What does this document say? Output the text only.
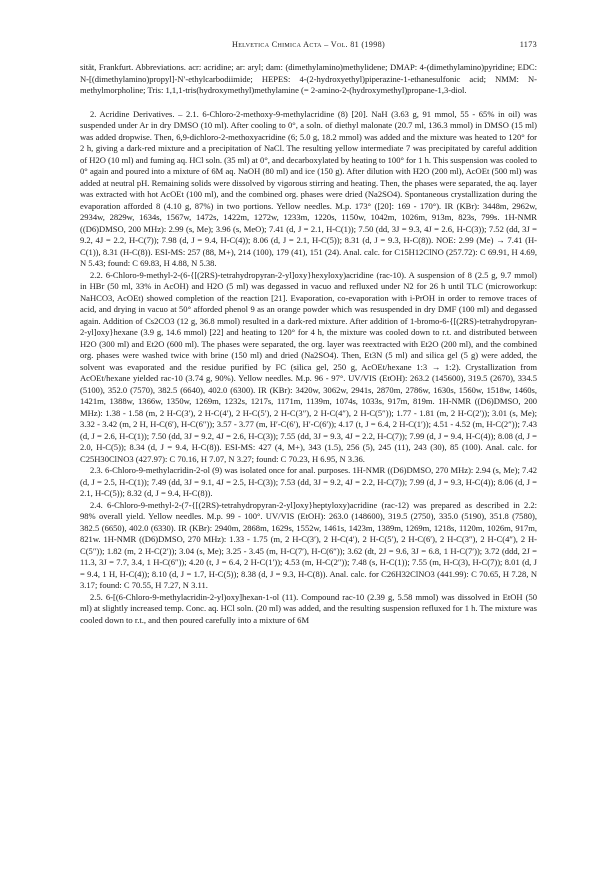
Helvetica Chimica Acta – Vol. 81 (1998)	1173

sität, Frankfurt. Abbreviations. acr: acridine; ar: aryl; dam: (dimethylamino)methylidene; DMAP: 4-(dimethylamino)pyridine; EDC: N-[(dimethylamino)propyl]-N′-ethylcarbodiimide; HEPES: 4-(2-hydroxyethyl)piperazine-1-ethanesulfonic acid; NMM: N-methylmorpholine; Tris: 1,1,1-tris(hydroxymethyl)methylamine (= 2-amino-2-(hydroxymethyl)propane-1,3-diol.

2. Acridine Derivatives. – 2.1. 6-Chloro-2-methoxy-9-methylacridine (8) [20]. NaH (3.63 g, 91 mmol, 55 - 65% in oil) was suspended under Ar in dry DMSO (10 ml). After cooling to 0°, a soln. of diethyl malonate (20.7 ml, 136.3 mmol) in DMSO (15 ml) was added dropwise. Then, 6,9-dichloro-2-methoxyacridine (6; 5.0 g, 18.2 mmol) was added and the mixture was heated to 120° for 2 h, giving a dark-red mixture and a precipitation of NaCl. The resulting yellow intermediate 7 was precipitated by careful addition of H2O (10 ml) and fuming aq. HCl soln. (35 ml) at 0°, and decarboxylated by heating to 100° for 1 h. This suspension was cooled to 0° again and poured into a mixture of 6M aq. NaOH (80 ml) and ice (150 g). After dilution with H2O (200 ml), AcOEt (500 ml) was added at neutral pH. Remaining solids were dissolved by vigorous stirring and heating. Then, the phases were separated, the aq. layer was extracted with hot AcOEt (100 ml), and the combined org. phases were dried (Na2SO4). Spontaneous crystallization during the evaporation afforded 8 (4.10 g, 87%) in two portions. Yellow needles. M.p. 173° ([20]: 169 - 170°). IR (KBr): 3448m, 2962w, 2934w, 2829w, 1634s, 1567w, 1472s, 1422m, 1272w, 1233m, 1220s, 1150w, 1042m, 1026m, 913m, 823s, 799s. 1H-NMR ((D6)DMSO, 200 MHz): 2.99 (s, Me); 3.96 (s, MeO); 7.41 (d, J = 2.1, H-C(1)); 7.50 (dd, 3J = 9.3, 4J = 2.6, H-C(3)); 7.52 (dd, 3J = 9.2, 4J = 2.2, H-C(7)); 7.98 (d, J = 9.4, H-C(4)); 8.06 (d, J = 2.1, H-C(5)); 8.31 (d, J = 9.3, H-C(8)). NOE: 2.99 (Me) → 7.41 (H-C(1)), 8.31 (H-C(8)). ESI-MS: 257 (88, M+), 214 (100), 179 (41), 151 (24). Anal. calc. for C15H12ClNO (257.72): C 69.91, H 4.69, N 5.43; found: C 69.83, H 4.88, N 5.38.

2.2. 6-Chloro-9-methyl-2-(6-{[(2RS)-tetrahydropyran-2-yl]oxy}hexyloxy)acridine (rac-10). A suspension of 8 (2.5 g, 9.7 mmol) in HBr (50 ml, 33% in AcOH) and H2O (5 ml) was degassed in vacuo and refluxed under N2 for 26 h until TLC (microworkup: NaHCO3, AcOEt) showed completion of the reaction [21]. Evaporation, co-evaporation with i-PrOH in order to remove traces of acid, and drying in vacuo at 50° afforded phenol 9 as an orange powder which was resuspended in dry DMF (100 ml) and degassed again. Addition of Cs2CO3 (12 g, 36.8 mmol) resulted in a dark-red mixture. After addition of 1-bromo-6-{[(2RS)-tetrahydropyran-2-yl]oxy}hexane (3.9 g, 14.6 mmol) [22] and heating to 120° for 4 h, the mixture was cooled down to r.t. and distributed between H2O (300 ml) and Et2O (600 ml). The phases were separated, the org. layer was reextracted with Et2O (200 ml), and the combined org. phases were washed twice with brine (150 ml) and dried (Na2SO4). Then, Et3N (5 ml) and silica gel (5 g) were added, the solvent was evaporated and the residue purified by FC (silica gel, 250 g, AcOEt/hexane 1:3 → 1:2). Crystallization from AcOEt/hexane yielded rac-10 (3.74 g, 90%). Yellow needles. M.p. 96 - 97°. UV/VIS (EtOH): 263.2 (145600), 319.5 (2670), 334.5 (5100), 352.0 (7570), 382.5 (6640), 402.0 (6300). IR (KBr): 3420w, 3062w, 2941s, 2870m, 2786w, 1630s, 1560w, 1518w, 1460s, 1421m, 1388w, 1366w, 1350w, 1269m, 1232s, 1217s, 1171m, 1139m, 1074s, 1033s, 917m, 819m. 1H-NMR ((D6)DMSO, 200 MHz): 1.38 - 1.58 (m, 2 H-C(3′), 2 H-C(4′), 2 H-C(5′), 2 H-C(3″), 2 H-C(4″), 2 H-C(5″)); 1.77 - 1.81 (m, 2 H-C(2′)); 3.01 (s, Me); 3.32 - 3.42 (m, 2 H, H-C(6′), H-C(6″)); 3.57 - 3.77 (m, H′-C(6′), H′-C(6′)); 4.17 (t, J = 6.4, 2 H-C(1′)); 4.51 - 4.52 (m, H-C(2″)); 7.43 (d, J = 2.6, H-C(1)); 7.50 (dd, 3J = 9.2, 4J = 2.6, H-C(3)); 7.55 (dd, 3J = 9.3, 4J = 2.2, H-C(7)); 7.99 (d, J = 9.4, H-C(4)); 8.08 (d, J = 2.0, H-C(5)); 8.34 (d, J = 9.4, H-C(8)). ESI-MS: 427 (4, M+), 343 (1.5), 256 (5), 245 (11), 243 (30), 85 (100). Anal. calc. for C25H30ClNO3 (427.97): C 70.16, H 7.07, N 3.27; found: C 70.23, H 6.95, N 3.36.

2.3. 6-Chloro-9-methylacridin-2-ol (9) was isolated once for anal. purposes. 1H-NMR ((D6)DMSO, 270 MHz): 2.94 (s, Me); 7.42 (d, J = 2.5, H-C(1)); 7.49 (dd, 3J = 9.1, 4J = 2.5, H-C(3)); 7.53 (dd, 3J = 9.2, 4J = 2.2, H-C(7)); 7.99 (d, J = 9.3, H-C(4)); 8.06 (d, J = 2.1, H-C(5)); 8.32 (d, J = 9.4, H-C(8)).

2.4. 6-Chloro-9-methyl-2-(7-{[(2RS)-tetrahydropyran-2-yl]oxy}heptyloxy)acridine (rac-12) was prepared as described in 2.2: 98% overall yield. Yellow needles. M.p. 99 - 100°. UV/VIS (EtOH): 263.0 (148600), 319.5 (2750), 335.0 (5190), 351.8 (7580), 382.5 (6650), 402.0 (6330). IR (KBr): 2940m, 2868m, 1629s, 1552w, 1461s, 1423m, 1389m, 1269m, 1218s, 1120m, 1026m, 917m, 821w. 1H-NMR ((D6)DMSO, 270 MHz): 1.33 - 1.75 (m, 2 H-C(3′), 2 H-C(4′), 2 H-C(5′), 2 H-C(6′), 2 H-C(3″), 2 H-C(4″), 2 H-C(5″)); 1.82 (m, 2 H-C(2′)); 3.04 (s, Me); 3.25 - 3.45 (m, H-C(7′), H-C(6″)); 3.62 (dt, 2J = 9.6, 3J = 6.8, 1 H-C(7′)); 3.72 (ddd, 2J = 11.3, 3J = 7.7, 3.4, 1 H-C(6″)); 4.20 (t, J = 6.4, 2 H-C(1′)); 4.53 (m, H-C(2″)); 7.48 (s, H-C(1)); 7.55 (m, H-C(3), H-C(7)); 8.01 (d, J = 9.4, 1 H, H-C(4)); 8.10 (d, J = 1.7, H-C(5)); 8.38 (d, J = 9.3, H-C(8)). Anal. calc. for C26H32ClNO3 (441.99): C 70.65, H 7.28, N 3.17; found: C 70.55, H 7.27, N 3.11.

2.5. 6-[(6-Chloro-9-methylacridin-2-yl)oxy]hexan-1-ol (11). Compound rac-10 (2.39 g, 5.58 mmol) was dissolved in EtOH (50 ml) at slightly increased temp. Conc. aq. HCl soln. (20 ml) was added, and the resulting suspension refluxed for 1 h. The mixture was cooled down to r.t., and then poured carefully into a mixture of 6M
